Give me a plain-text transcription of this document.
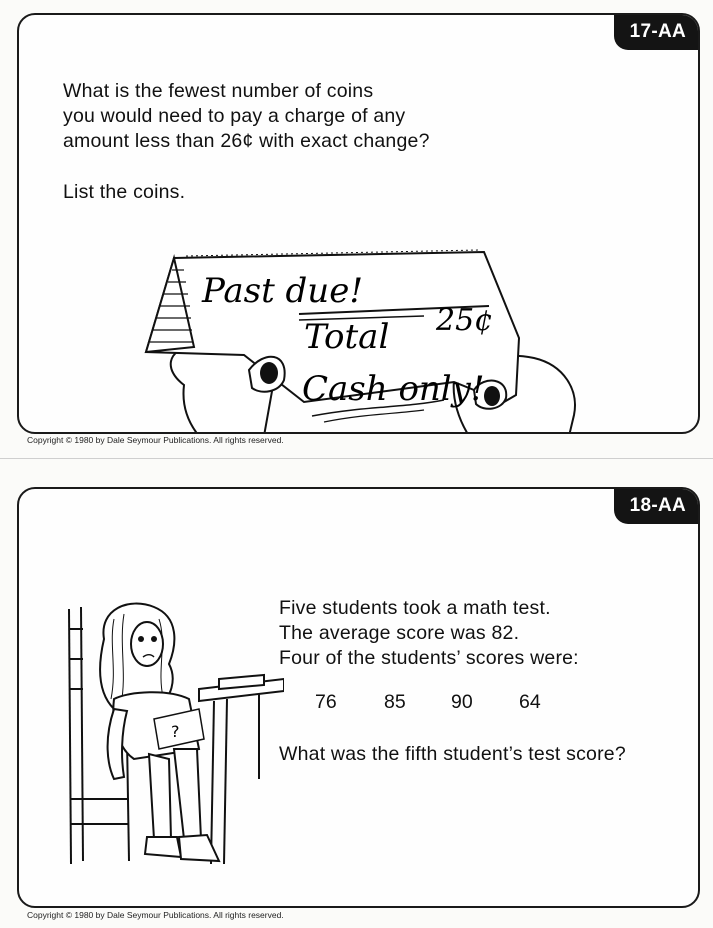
17-AA
What is the fewest number of coins
you would need to pay a charge of any
amount less than 26¢ with exact change?
List the coins.
Past due!
Total 25¢
Cash only!
Copyright © 1980 by Dale Seymour Publications. All rights reserved.
18-AA
Five students took a math test.
The average score was 82.
Four of the students’ scores were:
76 85 90 64
What was the fifth student’s test score?
?
Copyright © 1980 by Dale Seymour Publications. All rights reserved.
